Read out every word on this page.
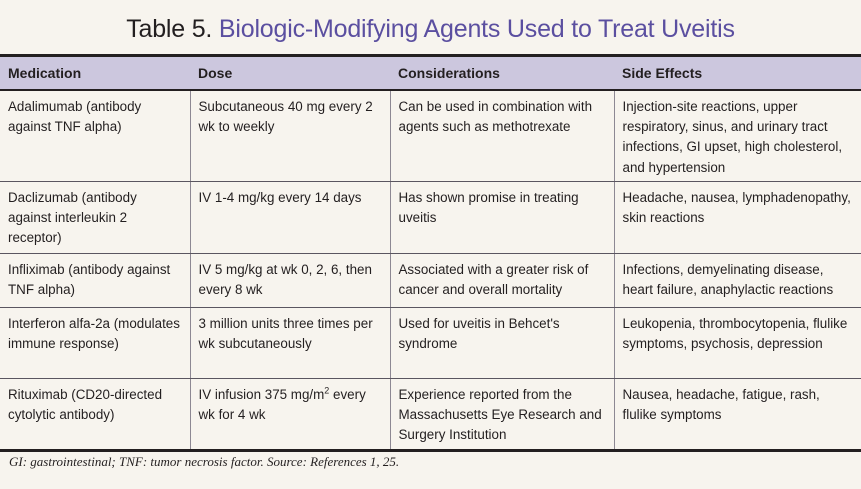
Table 5. Biologic-Modifying Agents Used to Treat Uveitis
Medication	Dose	Considerations	Side Effects
Adalimumab (antibody against TNF alpha)	Subcutaneous 40 mg every 2 wk to weekly	Can be used in combination with agents such as methotrexate	Injection-site reactions, upper respiratory, sinus, and urinary tract infections, GI upset, high cholesterol, and hypertension
Daclizumab (antibody against interleukin 2 receptor)	IV 1-4 mg/kg every 14 days	Has shown promise in treating uveitis	Headache, nausea, lymphadenopathy, skin reactions
Infliximab (antibody against TNF alpha)	IV 5 mg/kg at wk 0, 2, 6, then every 8 wk	Associated with a greater risk of cancer and overall mortality	Infections, demyelinating disease, heart failure, anaphylactic reactions
Interferon alfa-2a (modulates immune response)	3 million units three times per wk subcutaneously	Used for uveitis in Behcet's syndrome	Leukopenia, thrombocytopenia, flulike symptoms, psychosis, depression
Rituximab (CD20-directed cytolytic antibody)	IV infusion 375 $mg/m^2$ every wk for 4 wk	Experience reported from the Massachusetts Eye Research and Surgery Institution	Nausea, headache, fatigue, rash, flulike symptoms
GI: gastrointestinal; TNF: tumor necrosis factor. Source: References 1, 25.
